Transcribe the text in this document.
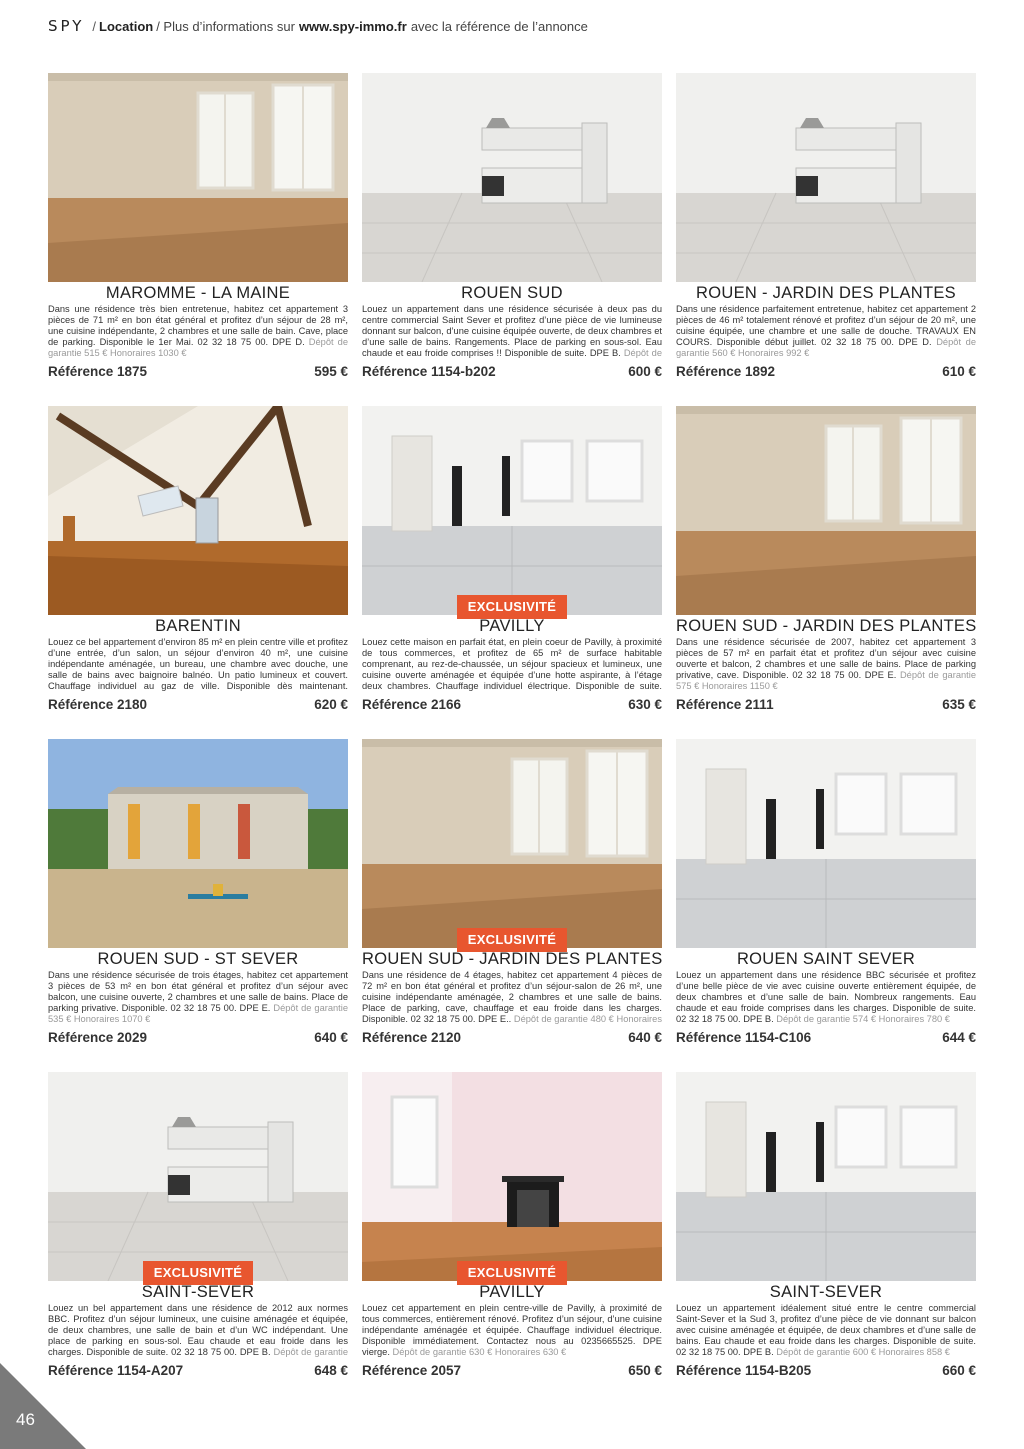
SPY / Location / Plus d’informations sur www.spy-immo.fr avec la référence de l’annonce
MAROMME - LA MAINE
Dans une résidence très bien entretenue, habitez cet appartement 3 pièces de 71 m² en bon état général et profitez d’un séjour de 28 m², une cuisine indépendante, 2 chambres et une salle de bain. Cave, place de parking. Disponible le 1er Mai. 02 32 18 75 00. DPE D. Dépôt de garantie 515 € Honoraires 1030 €
Référence 1875	595 €
ROUEN SUD
Louez un appartement dans une résidence sécurisée à deux pas du centre commercial Saint Sever et profitez d’une pièce de vie lumineuse donnant sur balcon, d’une cuisine équipée ouverte, de deux chambres et d’une salle de bains. Rangements. Place de parking en sous-sol. Eau chaude et eau froide comprises !! Disponible de suite. DPE B. Dépôt de
Référence 1154-b202	600 €
ROUEN - JARDIN DES PLANTES
Dans une résidence parfaitement entretenue, habitez cet appartement 2 pièces de 46 m² totalement rénové et profitez d’un séjour de 20 m², une cuisine équipée, une chambre et une salle de douche. TRAVAUX EN COURS. Disponible début juillet. 02 32 18 75 00. DPE D. Dépôt de garantie 560 € Honoraires 992 €
Référence 1892	610 €
BARENTIN
Louez ce bel appartement d’environ 85 m² en plein centre ville et profitez d’une entrée, d’un salon, un séjour d’environ 40 m², une cuisine indépendante aménagée, un bureau, une chambre avec douche, une salle de bains avec baignoire balnéo. Un patio lumineux et couvert. Chauffage individuel au gaz de ville. Disponible dès maintenant.
Référence 2180	620 €
EXCLUSIVITÉ
PAVILLY
Louez cette maison en parfait état, en plein coeur de Pavilly, à proximité de tous commerces, et profitez de 65 m² de surface habitable comprenant, au rez-de-chaussée, un séjour spacieux et lumineux, une cuisine ouverte aménagée et équipée d’une hotte aspirante, à l’étage deux chambres. Chauffage individuel électrique. Disponible de suite.
Référence 2166	630 €
ROUEN SUD - JARDIN DES PLANTES
Dans une résidence sécurisée de 2007, habitez cet appartement 3 pièces de 57 m² en parfait état et profitez d’un séjour avec cuisine ouverte et balcon, 2 chambres et une salle de bains. Place de parking privative, cave. Disponible. 02 32 18 75 00. DPE E. Dépôt de garantie 575 € Honoraires 1150 €
Référence 2111	635 €
ROUEN SUD - ST SEVER
Dans une résidence sécurisée de trois étages, habitez cet appartement 3 pièces de 53 m² en bon état général et profitez d’un séjour avec balcon, une cuisine ouverte, 2 chambres et une salle de bains. Place de parking privative. Disponible. 02 32 18 75 00. DPE E. Dépôt de garantie 535 € Honoraires 1070 €
Référence 2029	640 €
EXCLUSIVITÉ
ROUEN SUD - JARDIN DES PLANTES
Dans une résidence de 4 étages, habitez cet appartement 4 pièces de 72 m² en bon état général et profitez d’un séjour-salon de 26 m², une cuisine indépendante aménagée, 2 chambres et une salle de bains. Place de parking, cave, chauffage et eau froide dans les charges. Disponible. 02 32 18 75 00. DPE E.. Dépôt de garantie 480 € Honoraires
Référence 2120	640 €
ROUEN SAINT SEVER
Louez un appartement dans une résidence BBC sécurisée et profitez d’une belle pièce de vie avec cuisine ouverte entièrement équipée, de deux chambres et d’une salle de bain. Nombreux rangements. Eau chaude et eau froide comprises dans les charges. Disponible de suite. 02 32 18 75 00. DPE B. Dépôt de garantie 574 € Honoraires 780 €
Référence 1154-C106	644 €
EXCLUSIVITÉ
SAINT-SEVER
Louez un bel appartement dans une résidence de 2012 aux normes BBC. Profitez d’un séjour lumineux, une cuisine aménagée et équipée, de deux chambres, une salle de bain et d’un WC indépendant. Une place de parking en sous-sol. Eau chaude et eau froide dans les charges. Disponible de suite. 02 32 18 75 00. DPE B. Dépôt de garantie
Référence 1154-A207	648 €
EXCLUSIVITÉ
PAVILLY
Louez cet appartement en plein centre-ville de Pavilly, à proximité de tous commerces, entièrement rénové. Profitez d’un séjour, d’une cuisine indépendante aménagée et équipée. Chauffage individuel électrique. Disponible immédiatement. Contactez nous au 0235665525. DPE vierge. Dépôt de garantie 630 € Honoraires 630 €
Référence 2057	650 €
SAINT-SEVER
Louez un appartement idéalement situé entre le centre commercial Saint-Sever et la Sud 3, profitez d’une pièce de vie donnant sur balcon avec cuisine aménagée et équipée, de deux chambres et d’une salle de bains. Eau chaude et eau froide dans les charges. Disponible de suite. 02 32 18 75 00. DPE B. Dépôt de garantie 600 € Honoraires 858 €
Référence 1154-B205	660 €
46
